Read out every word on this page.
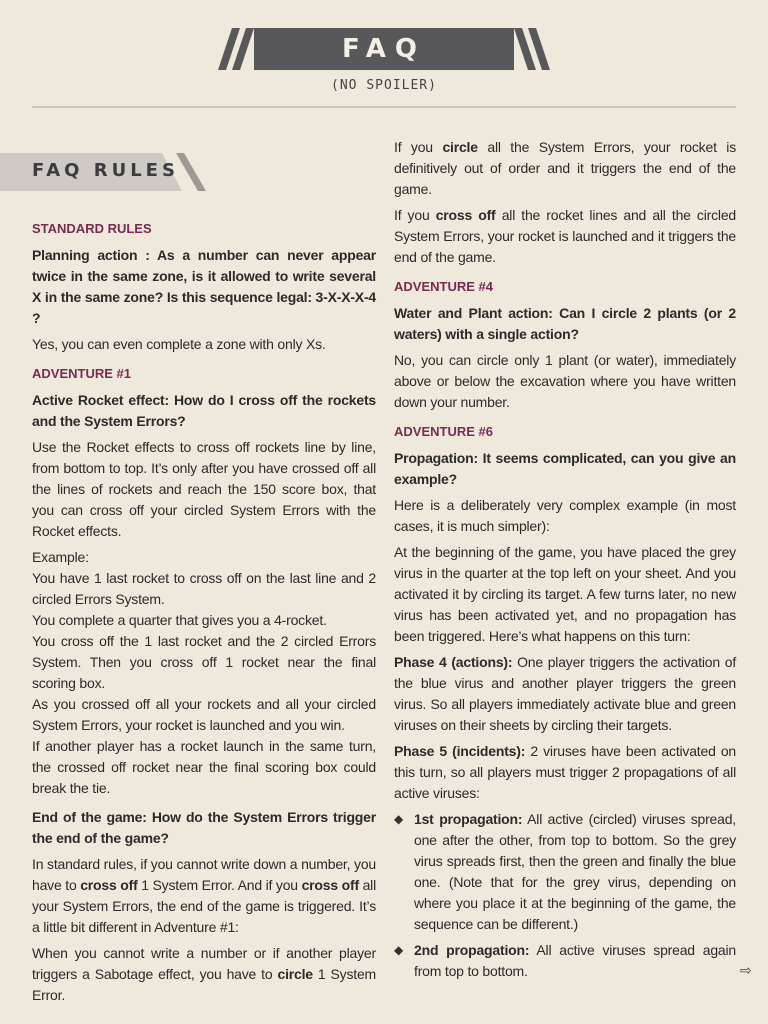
FAQ
(NO SPOILER)
FAQ RULES
STANDARD RULES

Planning action : As a number can never appear twice in the same zone, is it allowed to write several X in the same zone? Is this sequence legal: 3-X-X-X-4 ?

Yes, you can even complete a zone with only Xs.

ADVENTURE #1

Active Rocket effect: How do I cross off the rockets and the System Errors?

Use the Rocket effects to cross off rockets line by line, from bottom to top. It’s only after you have crossed off all the lines of rockets and reach the 150 score box, that you can cross off your circled System Errors with the Rocket effects.

Example:

You have 1 last rocket to cross off on the last line and 2 circled Errors System.

You complete a quarter that gives you a 4-rocket.

You cross off the 1 last rocket and the 2 circled Errors System. Then you cross off 1 rocket near the final scoring box.

As you crossed off all your rockets and all your circled System Errors, your rocket is launched and you win.

If another player has a rocket launch in the same turn, the crossed off rocket near the final scoring box could break the tie.

End of the game: How do the System Errors trigger the end of the game?

In standard rules, if you cannot write down a number, you have to cross off 1 System Error. And if you cross off all your System Errors, the end of the game is triggered. It’s a little bit different in Adventure #1:

When you cannot write a number or if another player triggers a Sabotage effect, you have to circle 1 System Error.

If you circle all the System Errors, your rocket is definitively out of order and it triggers the end of the game.

If you cross off all the rocket lines and all the circled System Errors, your rocket is launched and it triggers the end of the game.

ADVENTURE #4

Water and Plant action: Can I circle 2 plants (or 2 waters) with a single action?

No, you can circle only 1 plant (or water), immediately above or below the excavation where you have written down your number.

ADVENTURE #6

Propagation: It seems complicated, can you give an example?

Here is a deliberately very complex example (in most cases, it is much simpler):

At the beginning of the game, you have placed the grey virus in the quarter at the top left on your sheet. And you activated it by circling its target. A few turns later, no new virus has been activated yet, and no propagation has been triggered. Here’s what happens on this turn:

Phase 4 (actions): One player triggers the activation of the blue virus and another player triggers the green virus. So all players immediately activate blue and green viruses on their sheets by circling their targets.

Phase 5 (incidents): 2 viruses have been activated on this turn, so all players must trigger 2 propagations of all active viruses:

◆ 1st propagation: All active (circled) viruses spread, one after the other, from top to bottom. So the grey virus spreads first, then the green and finally the blue one. (Note that for the grey virus, depending on where you place it at the beginning of the game, the sequence can be different.)
◆ 2nd propagation: All active viruses spread again from top to bottom.	⇨
